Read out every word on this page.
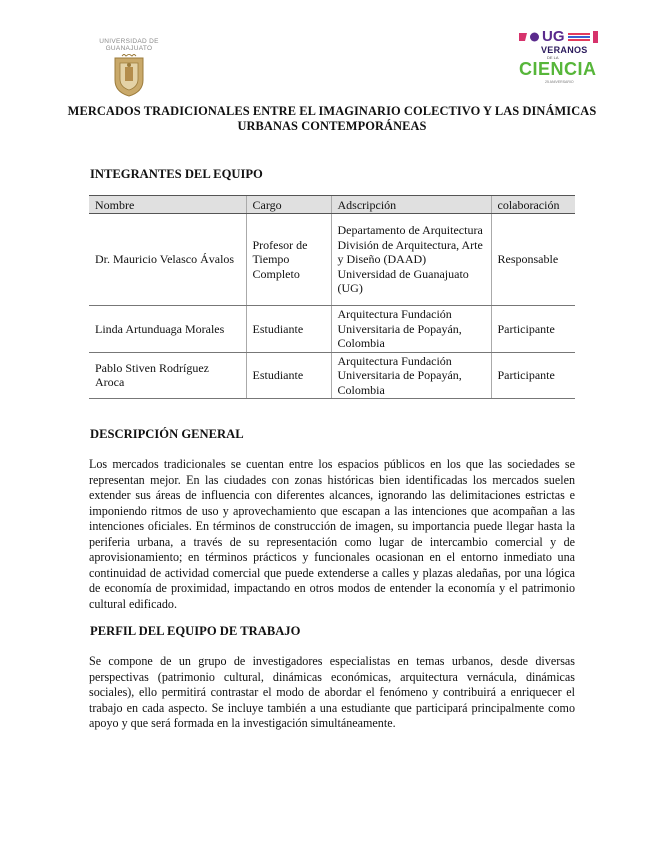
UNIVERSIDAD DE
GUANAJUATO
UG
VERANOS
DE LA
CIENCIA
25 ANIVERSARIO
MERCADOS TRADICIONALES ENTRE EL IMAGINARIO COLECTIVO Y LAS DINÁMICAS URBANAS CONTEMPORÁNEAS
INTEGRANTES DEL EQUIPO
Nombre	Cargo	Adscripción	colaboración
Dr. Mauricio Velasco Ávalos	Profesor de Tiempo Completo	Departamento de Arquitectura División de Arquitectura, Arte y Diseño (DAAD) Universidad de Guanajuato (UG)	Responsable
Linda Artunduaga Morales	Estudiante	Arquitectura Fundación Universitaria de Popayán, Colombia	Participante
Pablo Stiven Rodríguez Aroca	Estudiante	Arquitectura Fundación Universitaria de Popayán, Colombia	Participante
DESCRIPCIÓN GENERAL
Los mercados tradicionales se cuentan entre los espacios públicos en los que las sociedades se representan mejor. En las ciudades con zonas históricas bien identificadas los mercados suelen extender sus áreas de influencia con diferentes alcances, ignorando las delimitaciones estrictas e imponiendo ritmos de uso y aprovechamiento que escapan a las intenciones que acompañan a las intenciones oficiales. En términos de construcción de imagen, su importancia puede llegar hasta la periferia urbana, a través de su representación como lugar de intercambio comercial y de aprovisionamiento; en términos prácticos y funcionales ocasionan en el entorno inmediato una continuidad de actividad comercial que puede extenderse a calles y plazas aledañas, por una lógica de economía de proximidad, impactando en otros modos de entender la economía y el patrimonio cultural edificado.
PERFIL DEL EQUIPO DE TRABAJO
Se compone de un grupo de investigadores especialistas en temas urbanos, desde diversas perspectivas (patrimonio cultural, dinámicas económicas, arquitectura vernácula, dinámicas sociales), ello permitirá contrastar el modo de abordar el fenómeno y contribuirá a enriquecer el trabajo en cada aspecto. Se incluye también a una estudiante que participará principalmente como apoyo y que será formada en la investigación simultáneamente.
